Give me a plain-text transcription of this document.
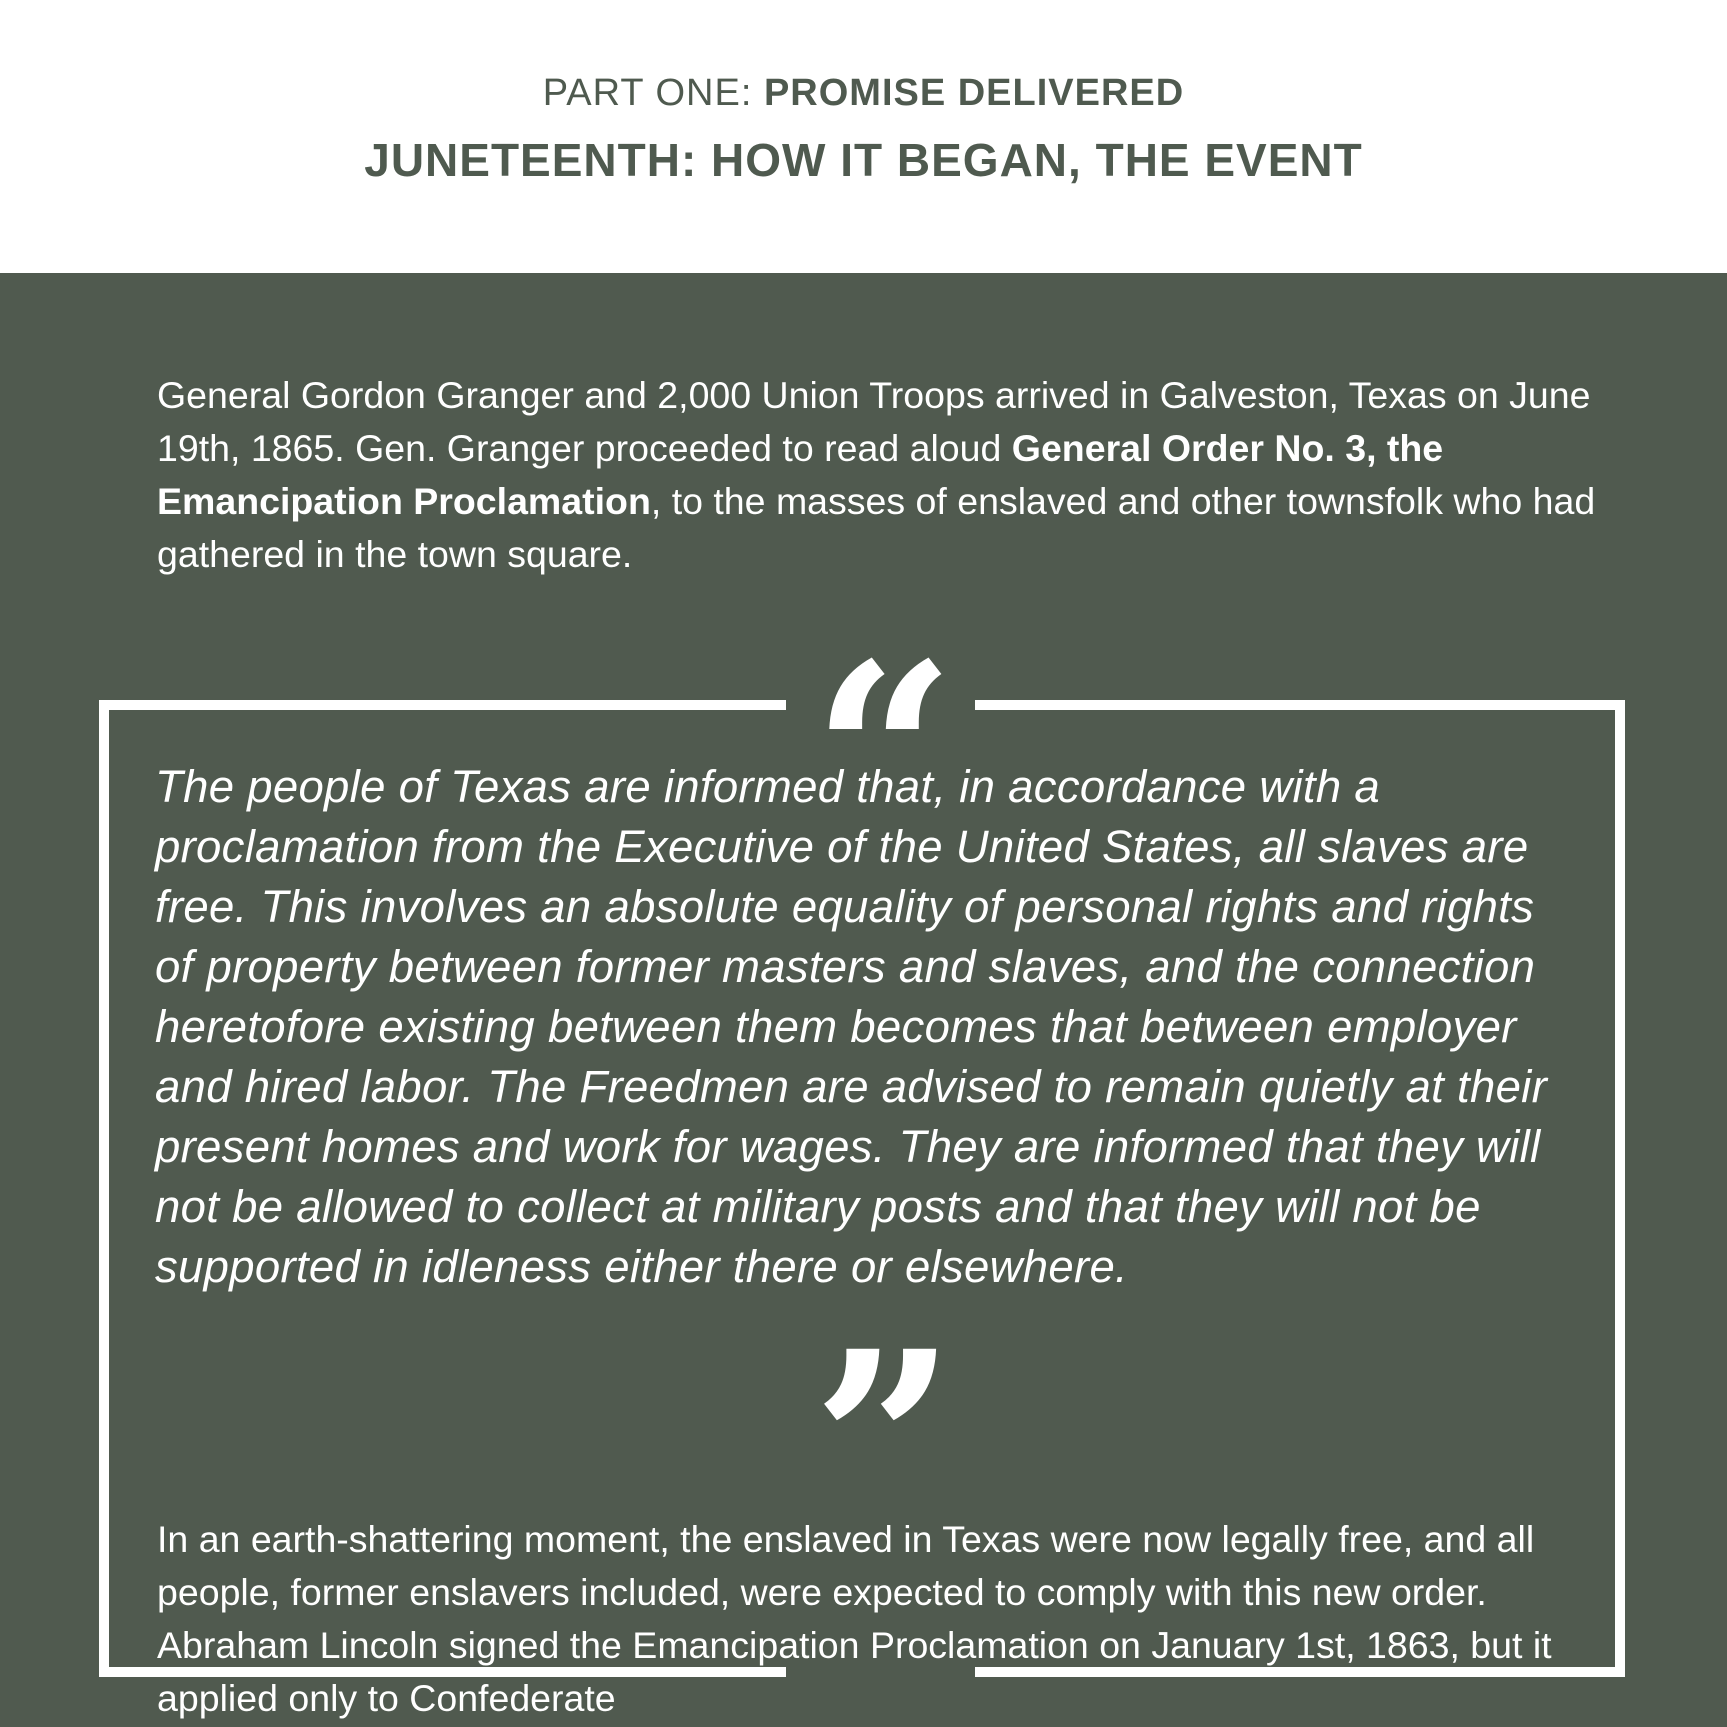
PART ONE: PROMISE DELIVERED
JUNETEENTH: HOW IT BEGAN, THE EVENT

General Gordon Granger and 2,000 Union Troops arrived in Galveston, Texas on June 19th, 1865. Gen. Granger proceeded to read aloud General Order No. 3, the Emancipation Proclamation, to the masses of enslaved and other townsfolk who had gathered in the town square.

“

The people of Texas are informed that, in accordance with a proclamation from the Executive of the United States, all slaves are free. This involves an absolute equality of personal rights and rights of property between former masters and slaves, and the connection heretofore existing between them becomes that between employer and hired labor. The Freedmen are advised to remain quietly at their present homes and work for wages. They are informed that they will not be allowed to collect at military posts and that they will not be supported in idleness either there or elsewhere.

”

In an earth-shattering moment, the enslaved in Texas were now legally free, and all people, former enslavers included, were expected to comply with this new order. Abraham Lincoln signed the Emancipation Proclamation on January 1st, 1863, but it applied only to Confederate
